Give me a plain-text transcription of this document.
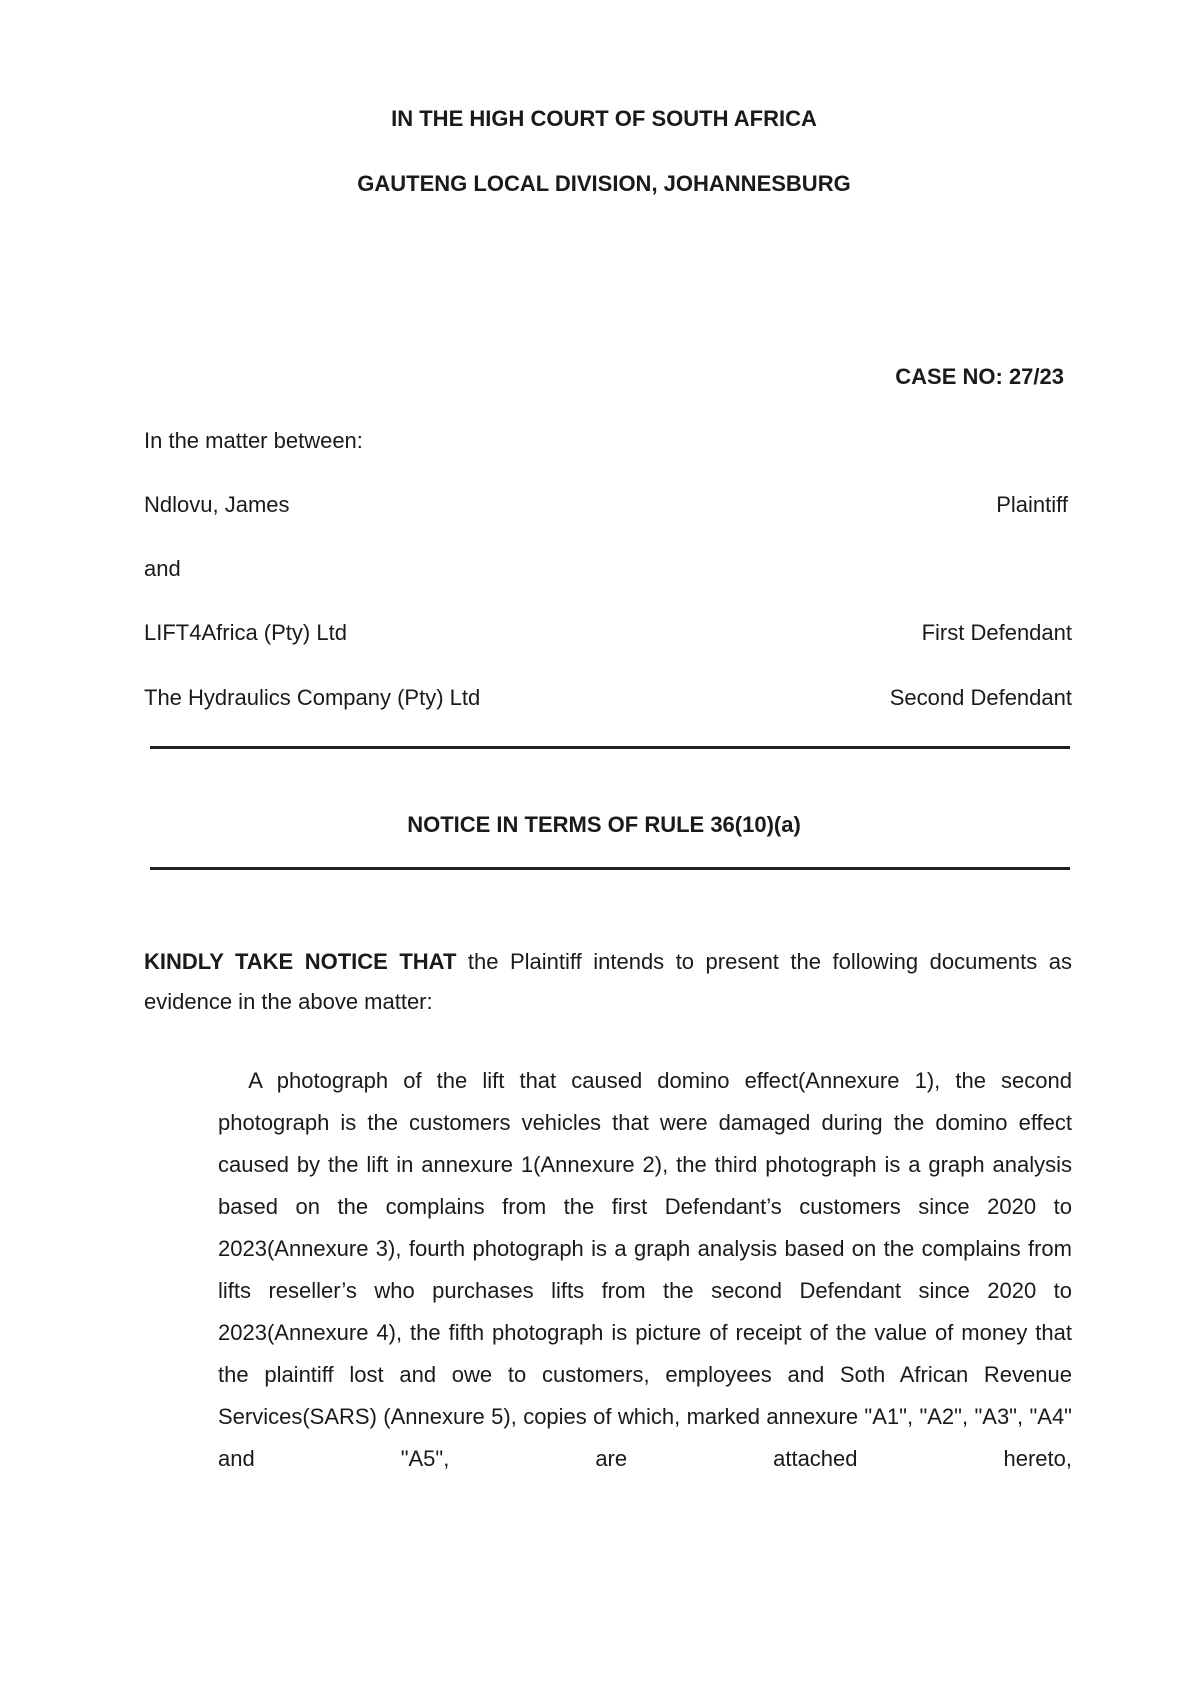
IN THE HIGH COURT OF SOUTH AFRICA
GAUTENG LOCAL DIVISION, JOHANNESBURG
CASE NO: 27/23
In the matter between:
Ndlovu, James	Plaintiff
and
LIFT4Africa (Pty) Ltd	First Defendant
The Hydraulics Company (Pty) Ltd	Second Defendant
NOTICE IN TERMS OF RULE 36(10)(a)
KINDLY TAKE NOTICE THAT the Plaintiff intends to present the following documents as evidence in the above matter:
A photograph of the lift that caused domino effect(Annexure 1), the second photograph is the customers vehicles that were damaged during the domino effect caused by the lift in annexure 1(Annexure 2), the third photograph is a graph analysis based on the complains from the first Defendant’s customers since 2020 to 2023(Annexure 3), fourth photograph is a graph analysis based on the complains from lifts reseller’s who purchases lifts from the second Defendant since 2020 to 2023(Annexure 4), the fifth photograph is picture of receipt of the value of money that the plaintiff lost and owe to customers, employees and Soth African Revenue Services(SARS) (Annexure 5), copies of which, marked annexure "A1", "A2", "A3", "A4" and "A5", are attached hereto,
